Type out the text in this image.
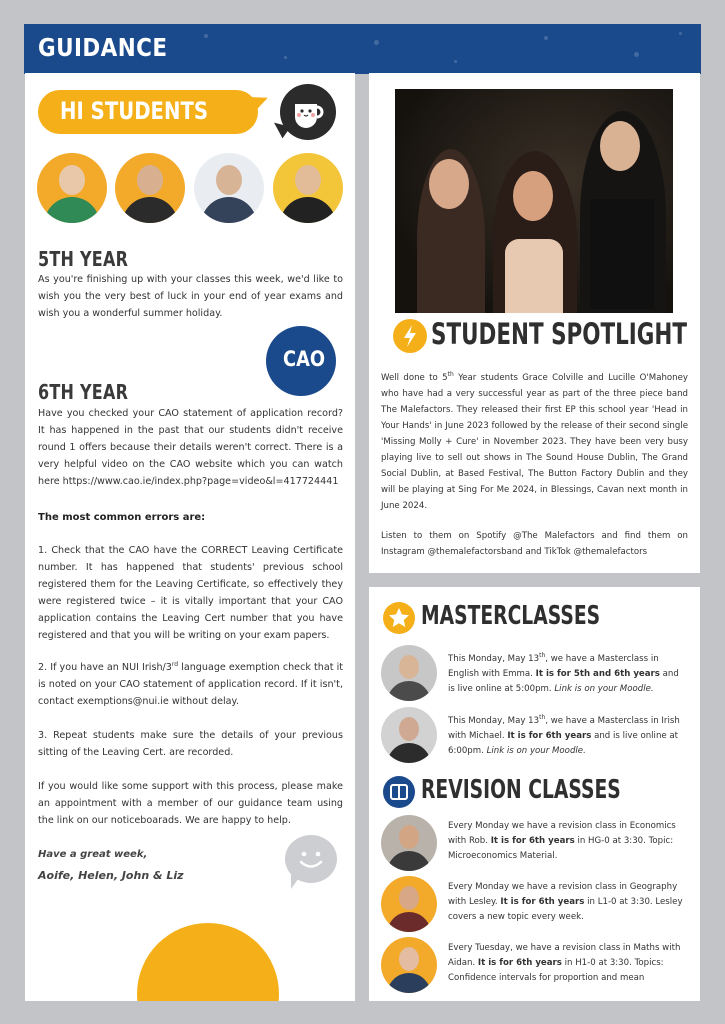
GUIDANCE
HI STUDENTS
5TH YEAR
As you're finishing up with your classes this week, we'd like to wish you the very best of luck in your end of year exams and wish you a wonderful summer holiday.
CAO
6TH YEAR
Have you checked your CAO statement of application record? It has happened in the past that our students didn't receive round 1 offers because their details weren't correct. There is a very helpful video on the CAO website which you can watch here https://www.cao.ie/index.php?page=video&l=417724441
The most common errors are:
1. Check that the CAO have the CORRECT Leaving Certificate number. It has happened that students' previous school registered them for the Leaving Certificate, so effectively they were registered twice – it is vitally important that your CAO application contains the Leaving Cert number that you have registered and that you will be writing on your exam papers.
2. If you have an NUI Irish/3rd language exemption check that it is noted on your CAO statement of application record. If it isn't, contact exemptions@nui.ie without delay.
3. Repeat students make sure the details of your previous sitting of the Leaving Cert. are recorded.
If you would like some support with this process, please make an appointment with a member of our guidance team using the link on our noticeboarads. We are happy to help.
Have a great week,
Aoife, Helen, John & Liz
STUDENT SPOTLIGHT
Well done to 5th Year students Grace Colville and Lucille O'Mahoney who have had a very successful year as part of the three piece band The Malefactors. They released their first EP this school year 'Head in Your Hands' in June 2023 followed by the release of their second single 'Missing Molly + Cure' in November 2023. They have been very busy playing live to sell out shows in The Sound House Dublin, The Grand Social Dublin, at Based Festival, The Button Factory Dublin and they will be playing at Sing For Me 2024, in Blessings, Cavan next month in June 2024.
Listen to them on Spotify @The Malefactors and find them on Instagram @themalefactorsband and TikTok @themalefactors
MASTERCLASSES
This Monday, May 13th, we have a Masterclass in English with Emma. It is for 5th and 6th years and is live online at 5:00pm. Link is on your Moodle.
This Monday, May 13th, we have a Masterclass in Irish with Michael. It is for 6th years and is live online at 6:00pm. Link is on your Moodle.
REVISION CLASSES
Every Monday we have a revision class in Economics with Rob. It is for 6th years in HG-0 at 3:30. Topic: Microeconomics Material.
Every Monday we have a revision class in Geography with Lesley. It is for 6th years in L1-0 at 3:30. Lesley covers a new topic every week.
Every Tuesday, we have a revision class in Maths with Aidan. It is for 6th years in H1-0 at 3:30. Topics: Confidence intervals for proportion and mean
